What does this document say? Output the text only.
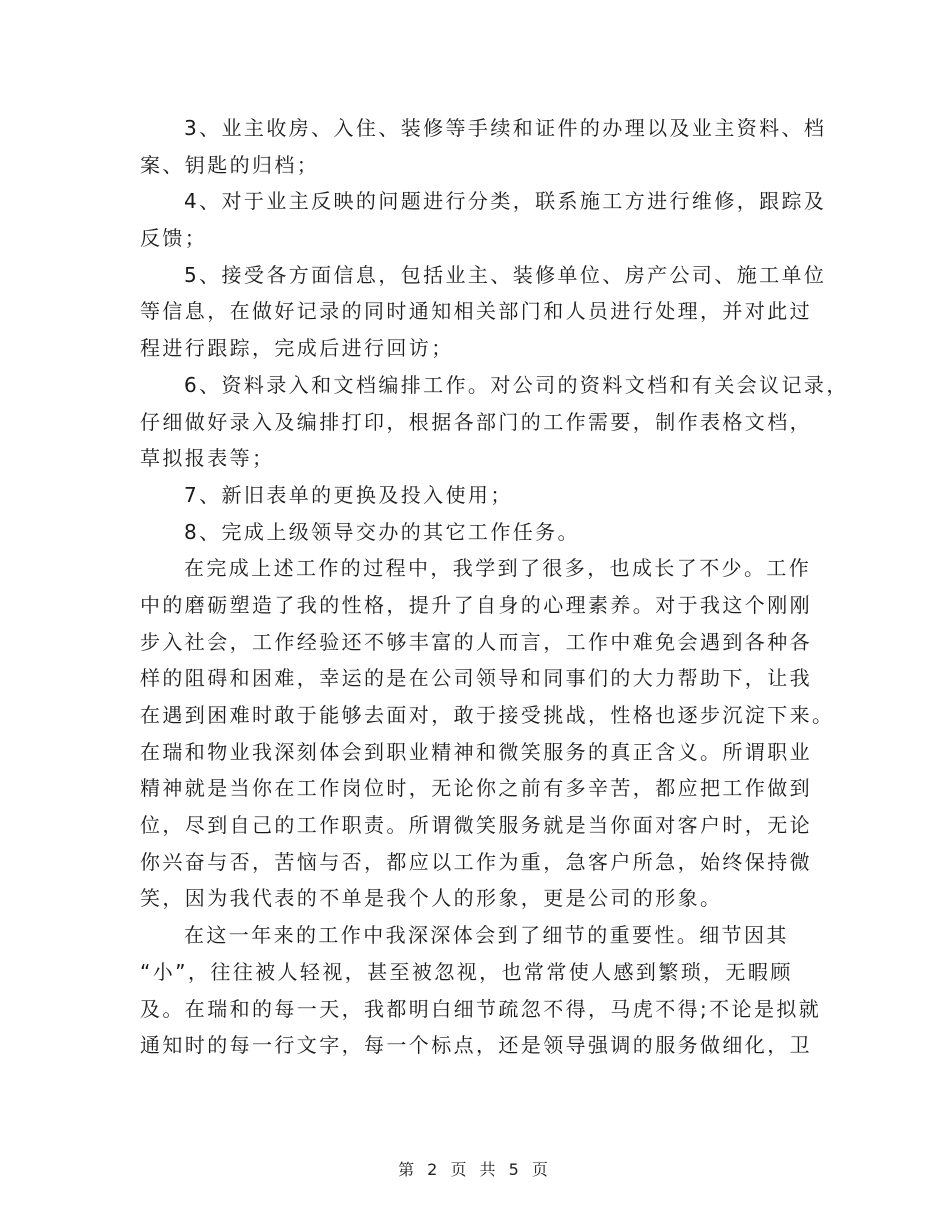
3、业主收房、入住、装修等手续和证件的办理以及业主资料、档
案、钥匙的归档；
4、对于业主反映的问题进行分类，联系施工方进行维修，跟踪及
反馈；
5、接受各方面信息，包括业主、装修单位、房产公司、施工单位
等信息，在做好记录的同时通知相关部门和人员进行处理，并对此过
程进行跟踪，完成后进行回访；
6、资料录入和文档编排工作。对公司的资料文档和有关会议记录，
仔细做好录入及编排打印，根据各部门的工作需要，制作表格文档，
草拟报表等；
7、新旧表单的更换及投入使用；
8、完成上级领导交办的其它工作任务。
在完成上述工作的过程中，我学到了很多，也成长了不少。工作
中的磨砺塑造了我的性格，提升了自身的心理素养。对于我这个刚刚
步入社会，工作经验还不够丰富的人而言，工作中难免会遇到各种各
样的阻碍和困难，幸运的是在公司领导和同事们的大力帮助下，让我
在遇到困难时敢于能够去面对，敢于接受挑战，性格也逐步沉淀下来。
在瑞和物业我深刻体会到职业精神和微笑服务的真正含义。所谓职业
精神就是当你在工作岗位时，无论你之前有多辛苦，都应把工作做到
位，尽到自己的工作职责。所谓微笑服务就是当你面对客户时，无论
你兴奋与否，苦恼与否，都应以工作为重，急客户所急，始终保持微
笑，因为我代表的不单是我个人的形象，更是公司的形象。
在这一年来的工作中我深深体会到了细节的重要性。细节因其
“小”，往往被人轻视，甚至被忽视，也常常使人感到繁琐，无暇顾
及。在瑞和的每一天，我都明白细节疏忽不得，马虎不得;不论是拟就
通知时的每一行文字，每一个标点，还是领导强调的服务做细化，卫
第 2 页 共 5 页
